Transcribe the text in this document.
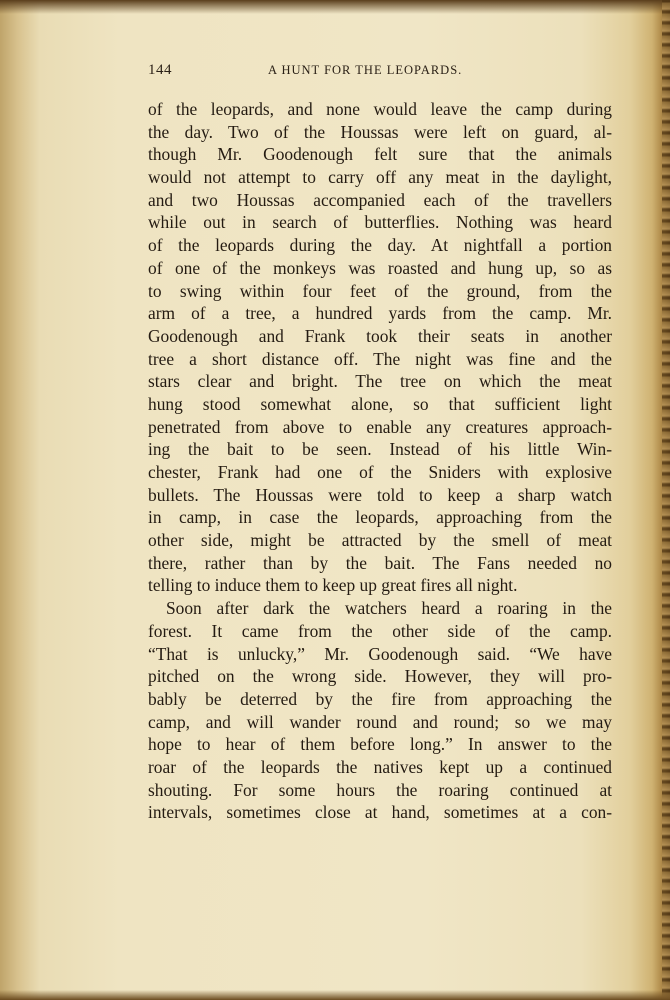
144	A HUNT FOR THE LEOPARDS.
of the leopards, and none would leave the camp during
the day. Two of the Houssas were left on guard, al-
though Mr. Goodenough felt sure that the animals
would not attempt to carry off any meat in the daylight,
and two Houssas accompanied each of the travellers
while out in search of butterflies. Nothing was heard
of the leopards during the day. At nightfall a portion
of one of the monkeys was roasted and hung up, so as
to swing within four feet of the ground, from the
arm of a tree, a hundred yards from the camp. Mr.
Goodenough and Frank took their seats in another
tree a short distance off. The night was fine and the
stars clear and bright. The tree on which the meat
hung stood somewhat alone, so that sufficient light
penetrated from above to enable any creatures approach-
ing the bait to be seen. Instead of his little Win-
chester, Frank had one of the Sniders with explosive
bullets. The Houssas were told to keep a sharp watch
in camp, in case the leopards, approaching from the
other side, might be attracted by the smell of meat
there, rather than by the bait. The Fans needed no
telling to induce them to keep up great fires all night.
Soon after dark the watchers heard a roaring in the
forest. It came from the other side of the camp.
“That is unlucky,” Mr. Goodenough said. “We have
pitched on the wrong side. However, they will pro-
bably be deterred by the fire from approaching the
camp, and will wander round and round; so we may
hope to hear of them before long.” In answer to the
roar of the leopards the natives kept up a continued
shouting. For some hours the roaring continued at
intervals, sometimes close at hand, sometimes at a con-
